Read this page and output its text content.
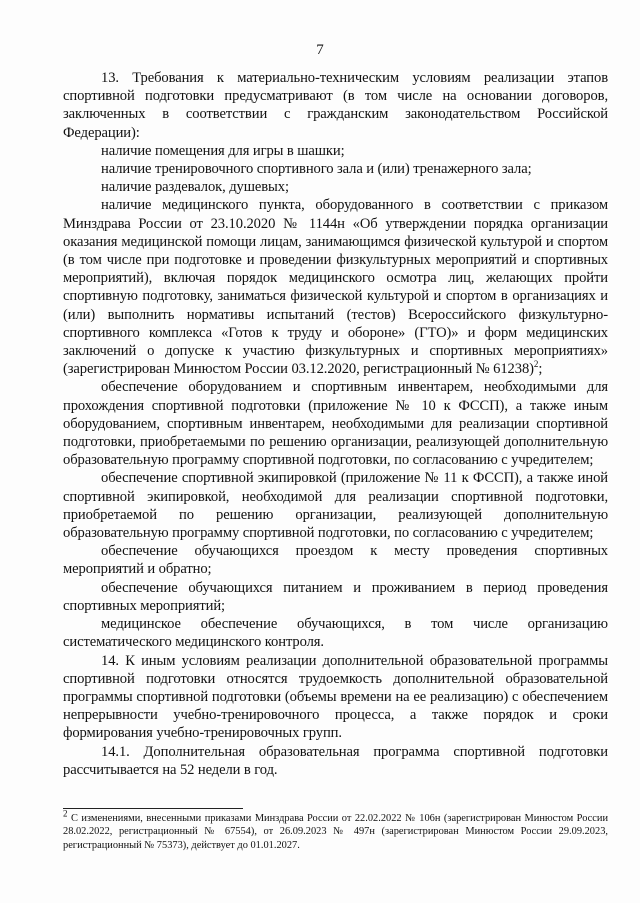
7

13. Требования к материально-техническим условиям реализации этапов спортивной подготовки предусматривают (в том числе на основании договоров, заключенных в соответствии с гражданским законодательством Российской Федерации):

наличие помещения для игры в шашки;

наличие тренировочного спортивного зала и (или) тренажерного зала;

наличие раздевалок, душевых;

наличие медицинского пункта, оборудованного в соответствии с приказом Минздрава России от 23.10.2020 № 1144н «Об утверждении порядка организации оказания медицинской помощи лицам, занимающимся физической культурой и спортом (в том числе при подготовке и проведении физкультурных мероприятий и спортивных мероприятий), включая порядок медицинского осмотра лиц, желающих пройти спортивную подготовку, заниматься физической культурой и спортом в организациях и (или) выполнить нормативы испытаний (тестов) Всероссийского физкультурно-спортивного комплекса «Готов к труду и обороне» (ГТО)» и форм медицинских заключений о допуске к участию физкультурных и спортивных мероприятиях» (зарегистрирован Минюстом России 03.12.2020, регистрационный № 61238)$^2$;

обеспечение оборудованием и спортивным инвентарем, необходимыми для прохождения спортивной подготовки (приложение № 10 к ФССП), а также иным оборудованием, спортивным инвентарем, необходимыми для реализации спортивной подготовки, приобретаемыми по решению организации, реализующей дополнительную образовательную программу спортивной подготовки, по согласованию с учредителем;

обеспечение спортивной экипировкой (приложение № 11 к ФССП), а также иной спортивной экипировкой, необходимой для реализации спортивной подготовки, приобретаемой по решению организации, реализующей дополнительную образовательную программу спортивной подготовки, по согласованию с учредителем;

обеспечение обучающихся проездом к месту проведения спортивных мероприятий и обратно;

обеспечение обучающихся питанием и проживанием в период проведения спортивных мероприятий;

медицинское обеспечение обучающихся, в том числе организацию систематического медицинского контроля.

14. К иным условиям реализации дополнительной образовательной программы спортивной подготовки относятся трудоемкость дополнительной образовательной программы спортивной подготовки (объемы времени на ее реализацию) с обеспечением непрерывности учебно-тренировочного процесса, а также порядок и сроки формирования учебно-тренировочных групп.

14.1. Дополнительная образовательная программа спортивной подготовки рассчитывается на 52 недели в год.

$^2$ С изменениями, внесенными приказами Минздрава России от 22.02.2022 № 106н (зарегистрирован Минюстом России 28.02.2022, регистрационный № 67554), от 26.09.2023 № 497н (зарегистрирован Минюстом России 29.09.2023, регистрационный № 75373), действует до 01.01.2027.
